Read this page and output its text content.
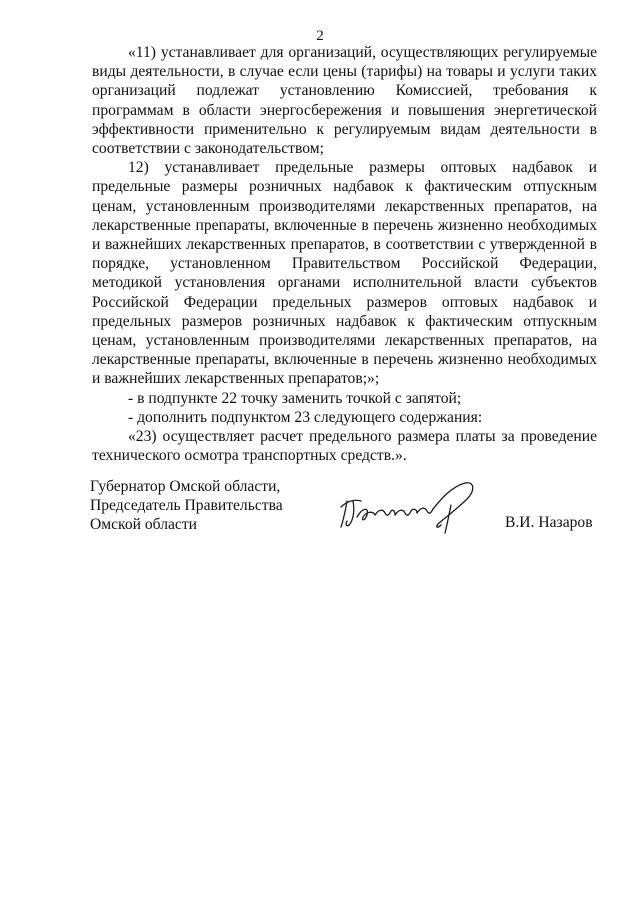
2

«11) устанавливает для организаций, осуществляющих регулируемые виды деятельности, в случае если цены (тарифы) на товары и услуги таких организаций подлежат установлению Комиссией, требования к программам в области энергосбережения и повышения энергетической эффективности применительно к регулируемым видам деятельности в соответствии с законодательством;

12) устанавливает предельные размеры оптовых надбавок и предельные размеры розничных надбавок к фактическим отпускным ценам, установленным производителями лекарственных препаратов, на лекарственные препараты, включенные в перечень жизненно необходимых и важнейших лекарственных препаратов, в соответствии с утвержденной в порядке, установленном Правительством Российской Федерации, методикой установления органами исполнительной власти субъектов Российской Федерации предельных размеров оптовых надбавок и предельных размеров розничных надбавок к фактическим отпускным ценам, установленным производителями лекарственных препаратов, на лекарственные препараты, включенные в перечень жизненно необходимых и важнейших лекарственных препаратов;»;

- в подпункте 22 точку заменить точкой с запятой;

- дополнить подпунктом 23 следующего содержания:

«23) осуществляет расчет предельного размера платы за проведение технического осмотра транспортных средств.».

Губернатор Омской области,

Председатель Правительства

Омской области	В.И. Назаров
